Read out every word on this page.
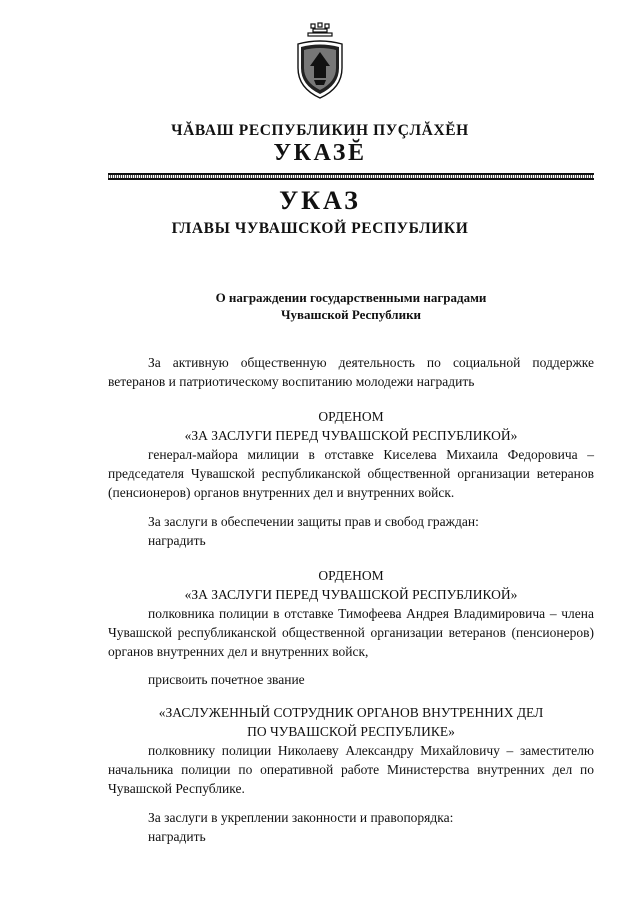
ЧĂВАШ РЕСПУБЛИКИН ПУÇЛĂХĔН
УКАЗĔ
УКАЗ
ГЛАВЫ ЧУВАШСКОЙ РЕСПУБЛИКИ
О награждении государственными наградами
Чувашской Республики
За активную общественную деятельность по социальной поддержке ветеранов и патриотическому воспитанию молодежи наградить
ОРДЕНОМ
«ЗА ЗАСЛУГИ ПЕРЕД ЧУВАШСКОЙ РЕСПУБЛИКОЙ»
генерал-майора милиции в отставке Киселева Михаила Федоровича – председателя Чувашской республиканской общественной организации ветеранов (пенсионеров) органов внутренних дел и внутренних войск.
За заслуги в обеспечении защиты прав и свобод граждан:
наградить
ОРДЕНОМ
«ЗА ЗАСЛУГИ ПЕРЕД ЧУВАШСКОЙ РЕСПУБЛИКОЙ»
полковника полиции в отставке Тимофеева Андрея Владимировича – члена Чувашской республиканской общественной организации ветеранов (пенсионеров) органов внутренних дел и внутренних войск,
присвоить почетное звание
«ЗАСЛУЖЕННЫЙ СОТРУДНИК ОРГАНОВ ВНУТРЕННИХ ДЕЛ
ПО ЧУВАШСКОЙ РЕСПУБЛИКЕ»
полковнику полиции Николаеву Александру Михайловичу – заместителю начальника полиции по оперативной работе Министерства внутренних дел по Чувашской Республике.
За заслуги в укреплении законности и правопорядка:
наградить
